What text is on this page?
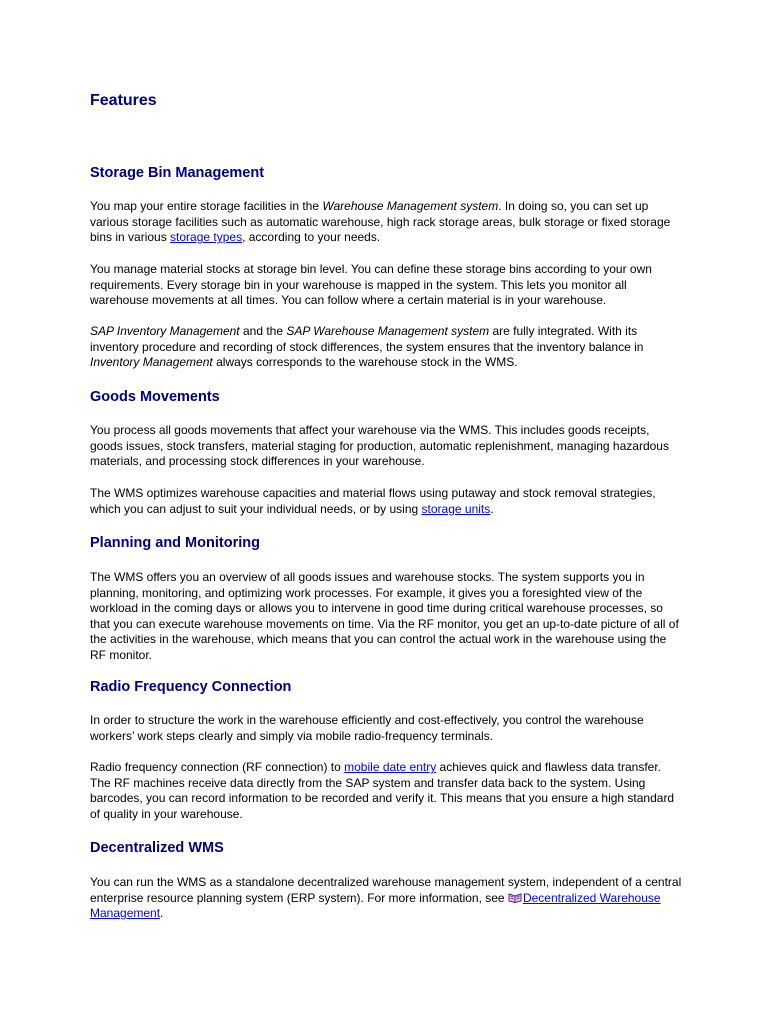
Features
Storage Bin Management

You map your entire storage facilities in the Warehouse Management system. In doing so, you can set up various storage facilities such as automatic warehouse, high rack storage areas, bulk storage or fixed storage bins in various storage types, according to your needs.

You manage material stocks at storage bin level. You can define these storage bins according to your own requirements. Every storage bin in your warehouse is mapped in the system. This lets you monitor all warehouse movements at all times. You can follow where a certain material is in your warehouse.

SAP Inventory Management and the SAP Warehouse Management system are fully integrated. With its inventory procedure and recording of stock differences, the system ensures that the inventory balance in Inventory Management always corresponds to the warehouse stock in the WMS.

Goods Movements

You process all goods movements that affect your warehouse via the WMS. This includes goods receipts, goods issues, stock transfers, material staging for production, automatic replenishment, managing hazardous materials, and processing stock differences in your warehouse.

The WMS optimizes warehouse capacities and material flows using putaway and stock removal strategies, which you can adjust to suit your individual needs, or by using storage units.

Planning and Monitoring

The WMS offers you an overview of all goods issues and warehouse stocks. The system supports you in planning, monitoring, and optimizing work processes. For example, it gives you a foresighted view of the workload in the coming days or allows you to intervene in good time during critical warehouse processes, so that you can execute warehouse movements on time. Via the RF monitor, you get an up-to-date picture of all of the activities in the warehouse, which means that you can control the actual work in the warehouse using the RF monitor.

Radio Frequency Connection

In order to structure the work in the warehouse efficiently and cost-effectively, you control the warehouse workers’ work steps clearly and simply via mobile radio-frequency terminals.

Radio frequency connection (RF connection) to mobile date entry achieves quick and flawless data transfer. The RF machines receive data directly from the SAP system and transfer data back to the system. Using barcodes, you can record information to be recorded and verify it. This means that you ensure a high standard of quality in your warehouse.

Decentralized WMS

You can run the WMS as a standalone decentralized warehouse management system, independent of a central enterprise resource planning system (ERP system). For more information, see Decentralized Warehouse Management.
